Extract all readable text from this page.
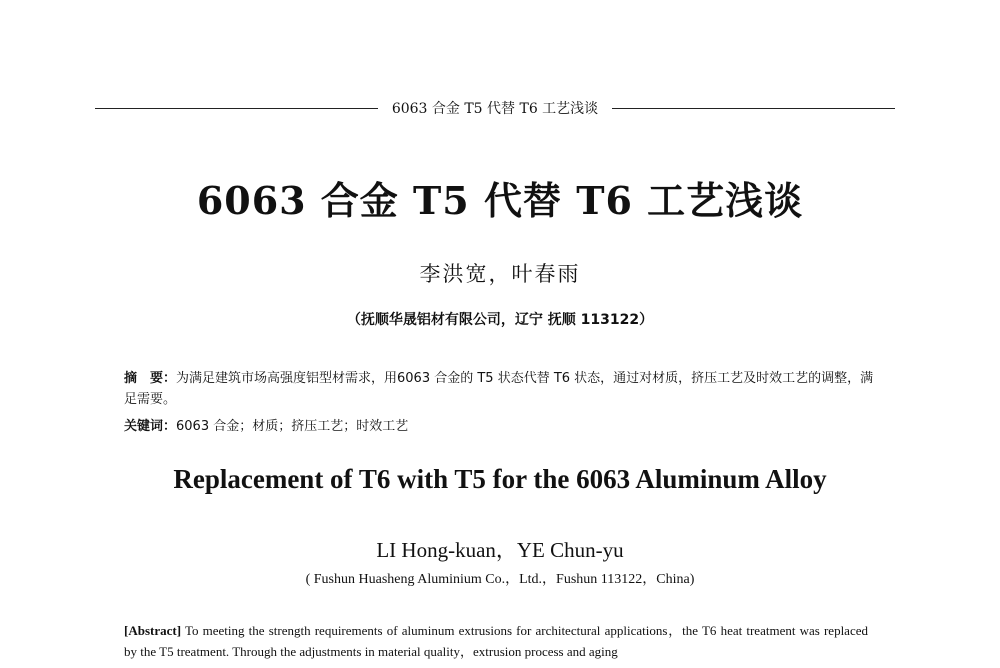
6063 合金 T5 代替 T6 工艺浅谈
6063 合金 T5 代替 T6 工艺浅谈
李洪宽，叶春雨
（抚顺华晟铝材有限公司，辽宁 抚顺 113122）
摘　要：为满足建筑市场高强度铝型材需求，用6063 合金的 T5 状态代替 T6 状态，通过对材质，挤压工艺及时效工艺的调整，满足需要。
关键词：6063 合金；材质；挤压工艺；时效工艺
Replacement of T6 with T5 for the 6063 Aluminum Alloy
LI Hong-kuan，YE Chun-yu
( Fushun Huasheng Aluminium Co.，Ltd.，Fushun 113122，China)
[Abstract] To meeting the strength requirements of aluminum extrusions for architectural applications，the T6 heat treatment was replaced by the T5 treatment. Through the adjustments in material quality，extrusion process and aging
